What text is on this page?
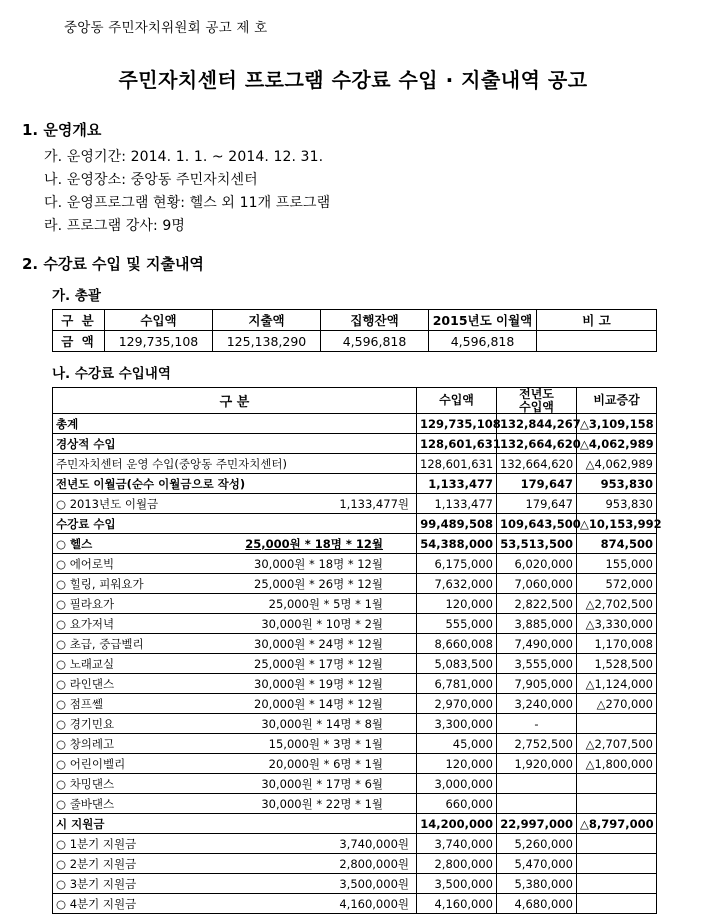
중앙동 주민자치위원회 공고 제 호
주민자치센터 프로그램 수강료 수입 · 지출내역 공고
1. 운영개요
가. 운영기간: 2014. 1. 1. ~ 2014. 12. 31.
나. 운영장소: 중앙동 주민자치센터
다. 운영프로그램 현황: 헬스 외 11개 프로그램
라. 프로그램 강사: 9명
2. 수강료 수입 및 지출내역
가. 총괄
구 분	수입액	지출액	집행잔액	2015년도 이월액	비 고
금 액	129,735,108	125,138,290	4,596,818	4,596,818	
나. 수강료 수입내역
구 분	수입액	전년도
수입액	비교증감

총계	129,735,108	132,844,267	△3,109,158

경상적 수입	128,601,631	132,664,620	△4,062,989

주민자치센터 운영 수입(중앙동 주민자치센터)	128,601,631	132,664,620	△4,062,989

전년도 이월금(순수 이월금으로 작성)	1,133,477	179,647	953,830

○ 2013년도 이월금 1,133,477원	1,133,477	179,647	953,830

수강료 수입	99,489,508	109,643,500	△10,153,992

○ 헬스 25,000원 * 18명 * 12월	54,388,000	53,513,500	874,500

○ 에어로빅 30,000원 * 18명 * 12월	6,175,000	6,020,000	155,000

○ 힐링, 피워요가 25,000원 * 26명 * 12월	7,632,000	7,060,000	572,000

○ 필라요가 25,000원 * 5명 * 1월	120,000	2,822,500	△2,702,500

○ 요가저녁 30,000원 * 10명 * 2월	555,000	3,885,000	△3,330,000

○ 초급, 중급벨리 30,000원 * 24명 * 12월	8,660,008	7,490,000	1,170,008

○ 노래교실 25,000원 * 17명 * 12월	5,083,500	3,555,000	1,528,500

○ 라인댄스 30,000원 * 19명 * 12월	6,781,000	7,905,000	△1,124,000

○ 점프쎌 20,000원 * 14명 * 12월	2,970,000	3,240,000	△270,000

○ 경기민요 30,000원 * 14명 * 8월	3,300,000	-	

○ 창의레고 15,000원 * 3명 * 1월	45,000	2,752,500	△2,707,500

○ 어린이벨리 20,000원 * 6명 * 1월	120,000	1,920,000	△1,800,000

○ 차밍댄스 30,000원 * 17명 * 6월	3,000,000		

○ 줄바댄스 30,000원 * 22명 * 1월	660,000		

시 지원금	14,200,000	22,997,000	△8,797,000

○ 1분기 지원금 3,740,000원	3,740,000	5,260,000	

○ 2분기 지원금 2,800,000원	2,800,000	5,470,000	

○ 3분기 지원금 3,500,000원	3,500,000	5,380,000	

○ 4분기 지원금 4,160,000원	4,160,000	4,680,000	
